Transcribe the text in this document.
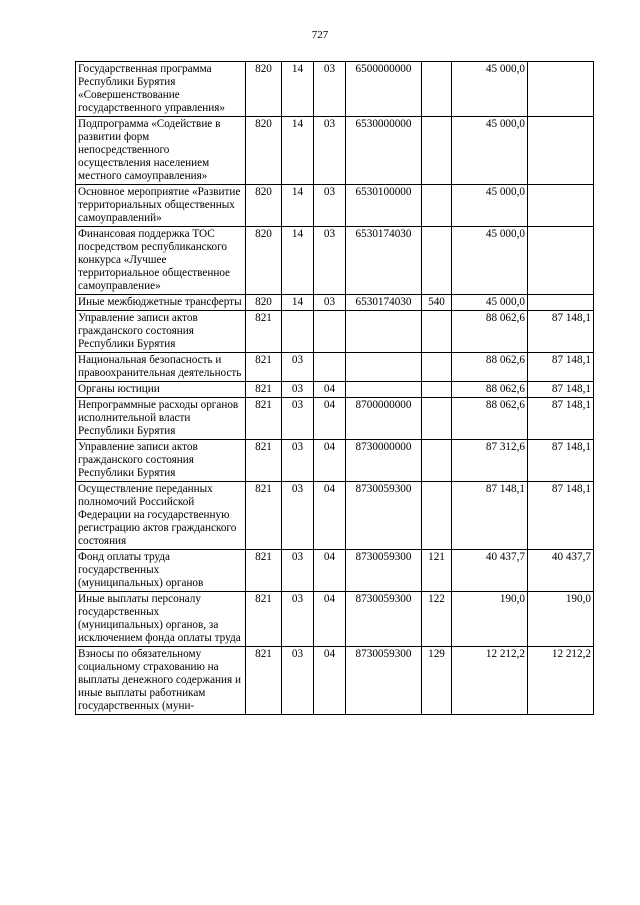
727
Государственная программа Республики Бурятия «Совершенствование государственного управления»	820	14	03	6500000000		45 000,0	
Подпрограмма «Содействие в развитии форм непосредственного осуществления населением местного самоуправления»	820	14	03	6530000000		45 000,0	
Основное мероприятие «Развитие территориальных общественных самоуправлений»	820	14	03	6530100000		45 000,0	
Финансовая поддержка ТОС посредством республиканского конкурса «Лучшее территориальное общественное самоуправление»	820	14	03	6530174030		45 000,0	
Иные межбюджетные трансферты	820	14	03	6530174030	540	45 000,0	
Управление записи актов гражданского состояния Республики Бурятия	821					88 062,6	87 148,1
Национальная безопасность и правоохранительная деятельность	821	03				88 062,6	87 148,1
Органы юстиции	821	03	04			88 062,6	87 148,1
Непрограммные расходы органов исполнительной власти Республики Бурятия	821	03	04	8700000000		88 062,6	87 148,1
Управление записи актов гражданского состояния Республики Бурятия	821	03	04	8730000000		87 312,6	87 148,1
Осуществление переданных полномочий Российской Федерации на государственную регистрацию актов гражданского состояния	821	03	04	8730059300		87 148,1	87 148,1
Фонд оплаты труда государственных (муниципальных) органов	821	03	04	8730059300	121	40 437,7	40 437,7
Иные выплаты персоналу государственных (муниципальных) органов, за исключением фонда оплаты труда	821	03	04	8730059300	122	190,0	190,0
Взносы по обязательному социальному страхованию на выплаты денежного содержания и иные выплаты работникам государственных (муни-	821	03	04	8730059300	129	12 212,2	12 212,2
